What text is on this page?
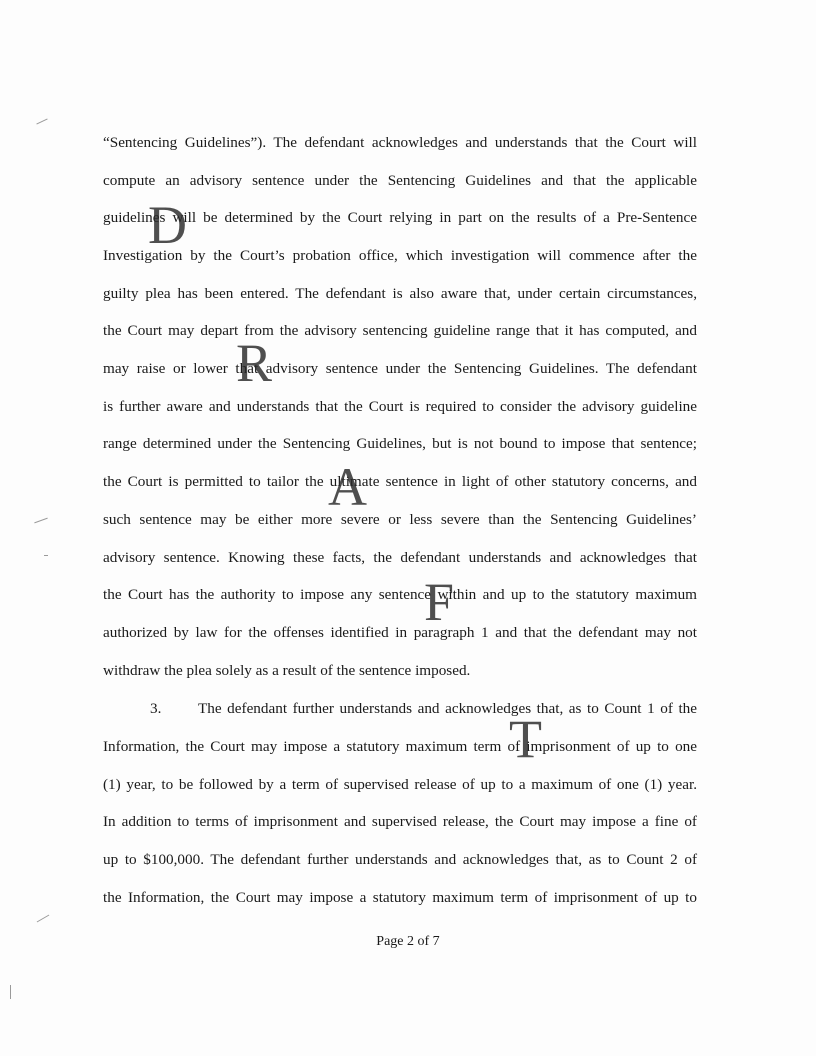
“Sentencing Guidelines”). The defendant acknowledges and understands that the Court will
compute an advisory sentence under the Sentencing Guidelines and that the applicable
guidelines will be determined by the Court relying in part on the results of a Pre-Sentence
Investigation by the Court’s probation office, which investigation will commence after the
guilty plea has been entered. The defendant is also aware that, under certain circumstances,
the Court may depart from the advisory sentencing guideline range that it has computed, and
may raise or lower that advisory sentence under the Sentencing Guidelines. The defendant
is further aware and understands that the Court is required to consider the advisory guideline
range determined under the Sentencing Guidelines, but is not bound to impose that sentence;
the Court is permitted to tailor the ultimate sentence in light of other statutory concerns, and
such sentence may be either more severe or less severe than the Sentencing Guidelines’
advisory sentence. Knowing these facts, the defendant understands and acknowledges that
the Court has the authority to impose any sentence within and up to the statutory maximum
authorized by law for the offenses identified in paragraph 1 and that the defendant may not
withdraw the plea solely as a result of the sentence imposed.
3.	The defendant further understands and acknowledges that, as to Count 1 of the
Information, the Court may impose a statutory maximum term of imprisonment of up to one
(1) year, to be followed by a term of supervised release of up to a maximum of one (1) year.
In addition to terms of imprisonment and supervised release, the Court may impose a fine of
up to $100,000. The defendant further understands and acknowledges that, as to Count 2 of
the Information, the Court may impose a statutory maximum term of imprisonment of up to
D
R
A
F
T
Page 2 of 7
